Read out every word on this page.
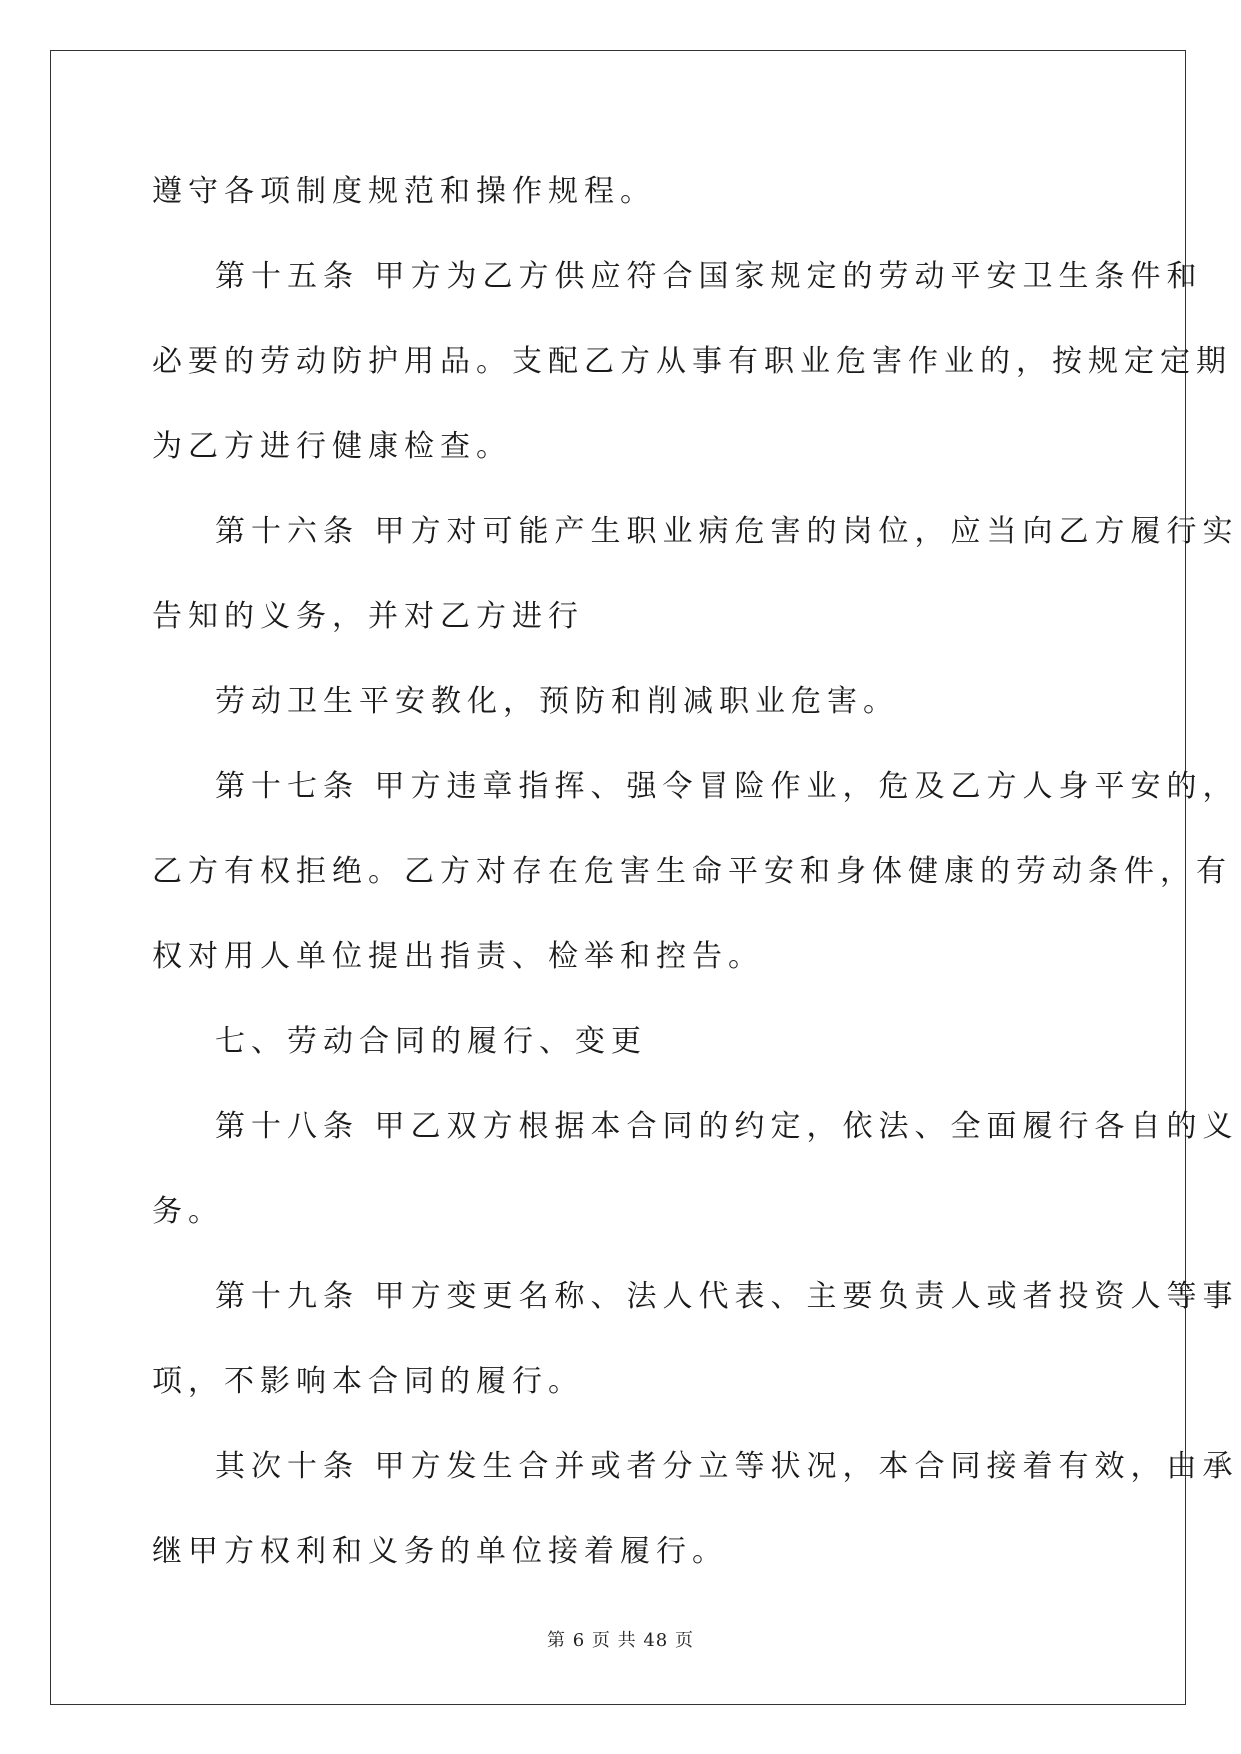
遵守各项制度规范和操作规程。
第十五条 甲方为乙方供应符合国家规定的劳动平安卫生条件和
必要的劳动防护用品。支配乙方从事有职业危害作业的，按规定定期
为乙方进行健康检查。
第十六条 甲方对可能产生职业病危害的岗位，应当向乙方履行实
告知的义务，并对乙方进行
劳动卫生平安教化，预防和削减职业危害。
第十七条 甲方违章指挥、强令冒险作业，危及乙方人身平安的，
乙方有权拒绝。乙方对存在危害生命平安和身体健康的劳动条件，有
权对用人单位提出指责、检举和控告。
七、劳动合同的履行、变更
第十八条 甲乙双方根据本合同的约定，依法、全面履行各自的义
务。
第十九条 甲方变更名称、法人代表、主要负责人或者投资人等事
项，不影响本合同的履行。
其次十条 甲方发生合并或者分立等状况，本合同接着有效，由承
继甲方权利和义务的单位接着履行。
第 6 页 共 48 页
